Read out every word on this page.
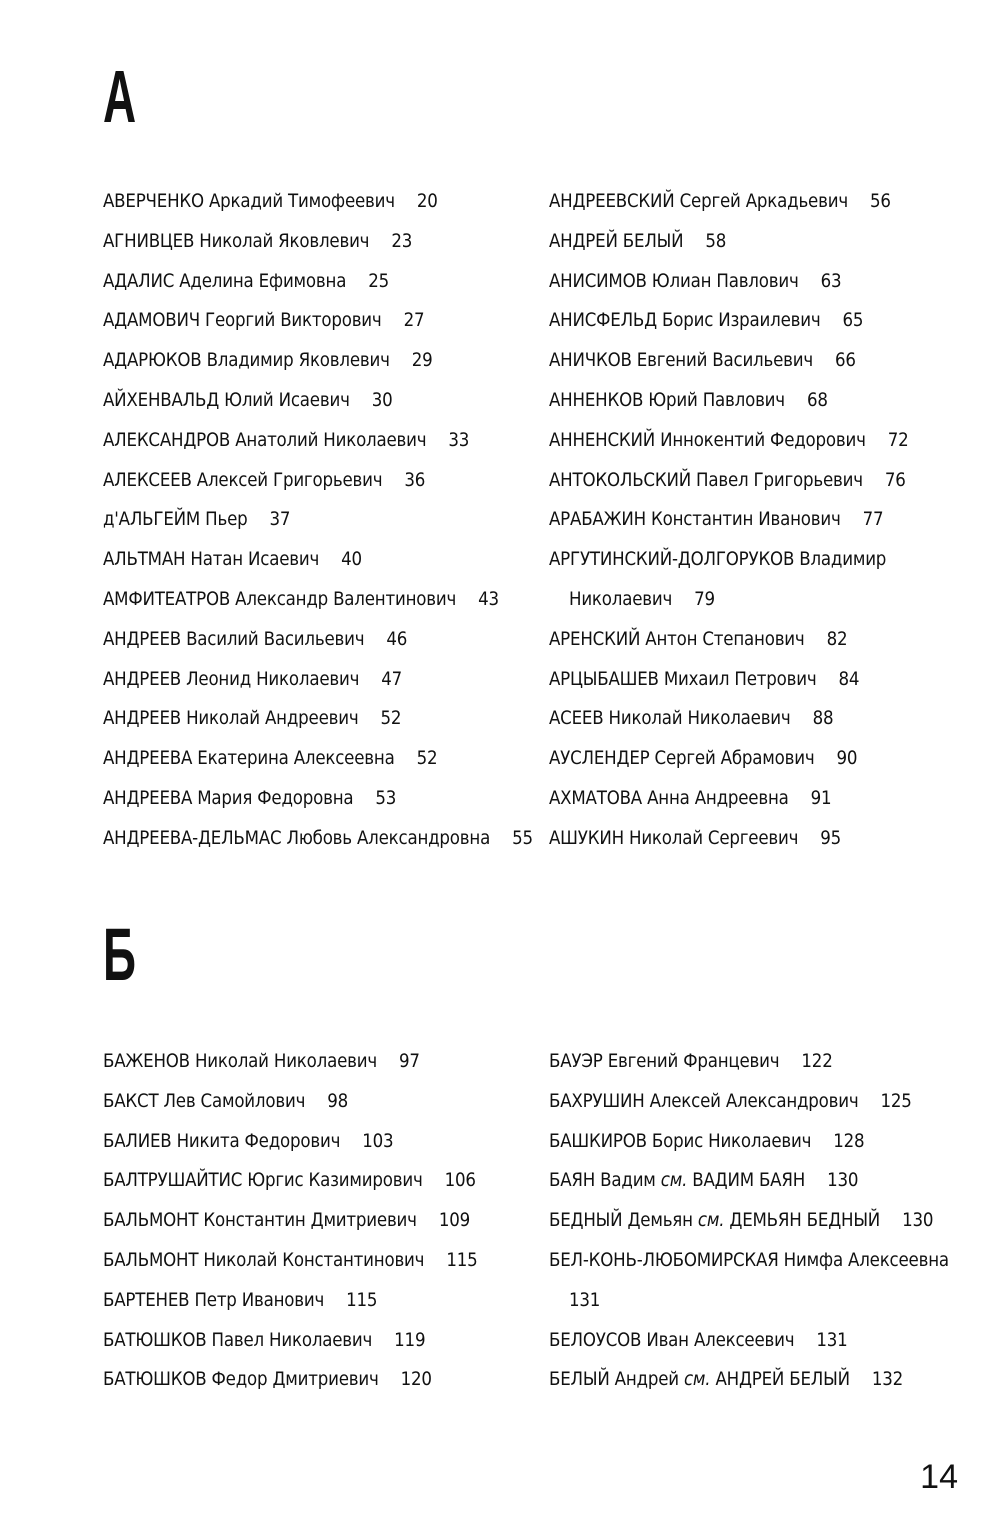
А
АВЕРЧЕНКО Аркадий Тимофеевич 20
АГНИВЦЕВ Николай Яковлевич 23
АДАЛИС Аделина Ефимовна 25
АДАМОВИЧ Георгий Викторович 27
АДАРЮКОВ Владимир Яковлевич 29
АЙХЕНВАЛЬД Юлий Исаевич 30
АЛЕКСАНДРОВ Анатолий Николаевич 33
АЛЕКСЕЕВ Алексей Григорьевич 36
д'АЛЬГЕЙМ Пьер 37
АЛЬТМАН Натан Исаевич 40
АМФИТЕАТРОВ Александр Валентинович 43
АНДРЕЕВ Василий Васильевич 46
АНДРЕЕВ Леонид Николаевич 47
АНДРЕЕВ Николай Андреевич 52
АНДРЕЕВА Екатерина Алексеевна 52
АНДРЕЕВА Мария Федоровна 53
АНДРЕЕВА-ДЕЛЬМАС Любовь Александровна 55
АНДРЕЕВСКИЙ Сергей Аркадьевич 56
АНДРЕЙ БЕЛЫЙ 58
АНИСИМОВ Юлиан Павлович 63
АНИСФЕЛЬД Борис Израилевич 65
АНИЧКОВ Евгений Васильевич 66
АННЕНКОВ Юрий Павлович 68
АННЕНСКИЙ Иннокентий Федорович 72
АНТОКОЛЬСКИЙ Павел Григорьевич 76
АРАБАЖИН Константин Иванович 77
АРГУТИНСКИЙ-ДОЛГОРУКОВ Владимир
Николаевич 79
АРЕНСКИЙ Антон Степанович 82
АРЦЫБАШЕВ Михаил Петрович 84
АСЕЕВ Николай Николаевич 88
АУСЛЕНДЕР Сергей Абрамович 90
АХМАТОВА Анна Андреевна 91
АШУКИН Николай Сергеевич 95
Б
БАЖЕНОВ Николай Николаевич 97
БАКСТ Лев Самойлович 98
БАЛИЕВ Никита Федорович 103
БАЛТРУШАЙТИС Юргис Казимирович 106
БАЛЬМОНТ Константин Дмитриевич 109
БАЛЬМОНТ Николай Константинович 115
БАРТЕНЕВ Петр Иванович 115
БАТЮШКОВ Павел Николаевич 119
БАТЮШКОВ Федор Дмитриевич 120
БАУЭР Евгений Францевич 122
БАХРУШИН Алексей Александрович 125
БАШКИРОВ Борис Николаевич 128
БАЯН Вадим см. ВАДИМ БАЯН 130
БЕДНЫЙ Демьян см. ДЕМЬЯН БЕДНЫЙ 130
БЕЛ-КОНЬ-ЛЮБОМИРСКАЯ Нимфа Алексеевна
131
БЕЛОУСОВ Иван Алексеевич 131
БЕЛЫЙ Андрей см. АНДРЕЙ БЕЛЫЙ 132
14
